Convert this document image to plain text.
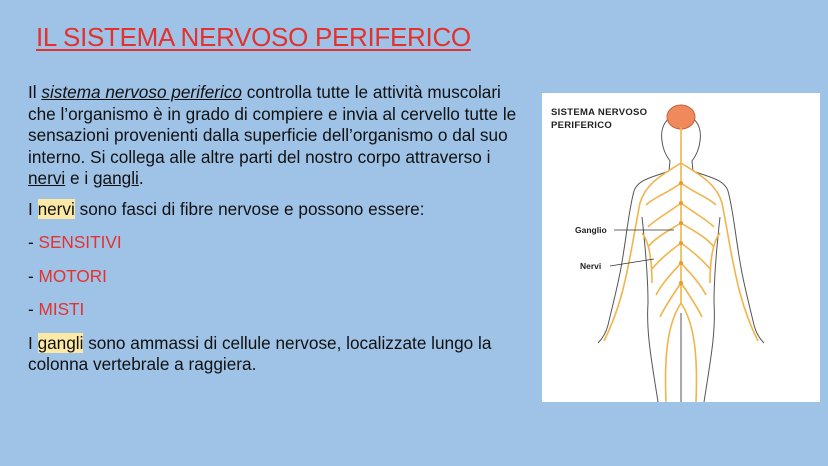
IL SISTEMA NERVOSO PERIFERICO

Il sistema nervoso periferico controlla tutte le attività muscolari che l’organismo è in grado di compiere e invia al cervello tutte le sensazioni provenienti dalla superficie dell’organismo o dal suo interno. Si collega alle altre parti del nostro corpo attraverso i nervi e i gangli.

I nervi sono fasci di fibre nervose e possono essere:

- SENSITIVI

- MOTORI

- MISTI

I gangli sono ammassi di cellule nervose, localizzate lungo la colonna vertebrale a raggiera.

SISTEMA NERVOSO PERIFERICO
Ganglio
Nervi
